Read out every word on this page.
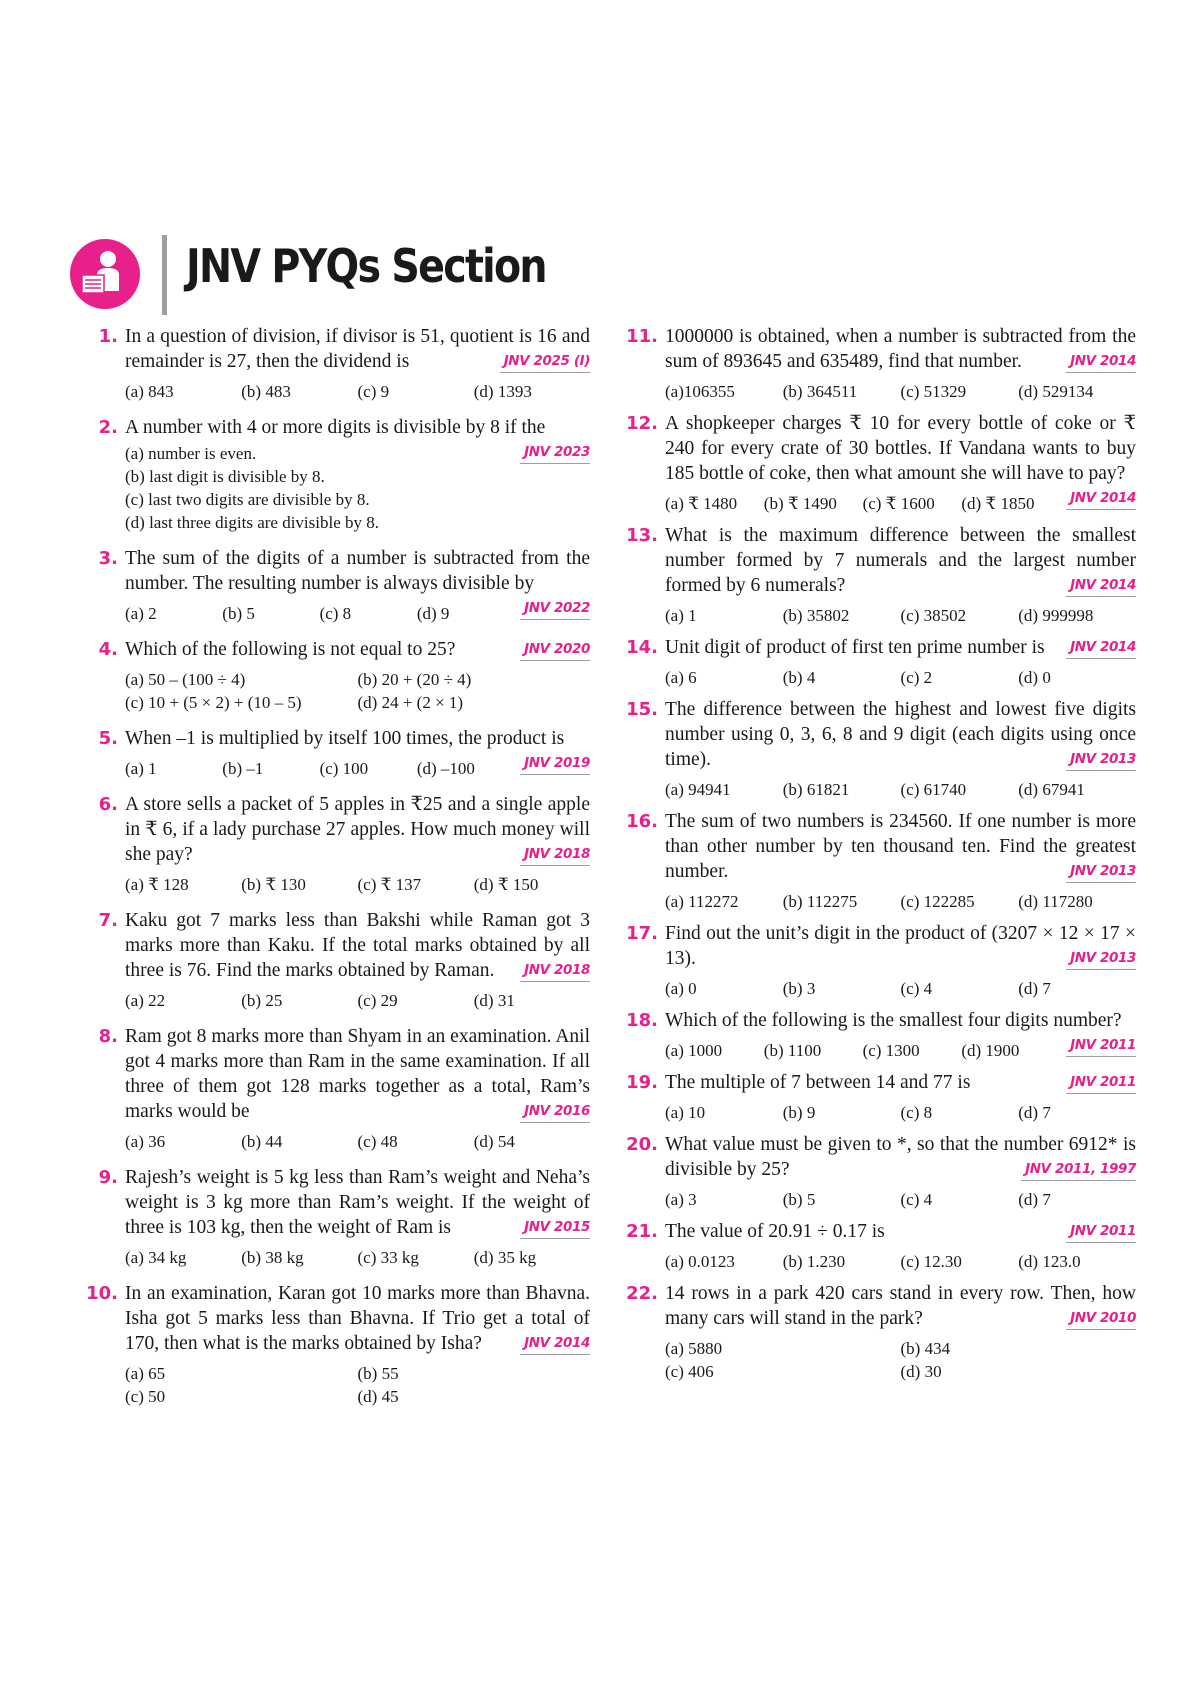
JNV PYQs Section
1. In a question of division, if divisor is 51, quotient is 16 and remainder is 27, then the dividend is	JNV 2025 (I)
(a) 843	(b) 483	(c) 9	(d) 1393
2. A number with 4 or more digits is divisible by 8 if the
JNV 2023
(a) number is even.
(b) last digit is divisible by 8.
(c) last two digits are divisible by 8.
(d) last three digits are divisible by 8.
3. The sum of the digits of a number is subtracted from the number. The resulting number is always divisible by
JNV 2022
(a) 2	(b) 5	(c) 8	(d) 9
4. Which of the following is not equal to 25?	JNV 2020
(a) 50 – (100 ÷ 4)	(b) 20 + (20 ÷ 4)
(c) 10 + (5 × 2) + (10 – 5)	(d) 24 + (2 × 1)
5. When –1 is multiplied by itself 100 times, the product is
JNV 2019
(a) 1	(b) –1	(c) 100	(d) –100
6. A store sells a packet of 5 apples in ₹25 and a single apple in ₹ 6, if a lady purchase 27 apples. How much money will she pay?	JNV 2018
(a) ₹ 128	(b) ₹ 130	(c) ₹ 137	(d) ₹ 150
7. Kaku got 7 marks less than Bakshi while Raman got 3 marks more than Kaku. If the total marks obtained by all three is 76. Find the marks obtained by Raman. JNV 2018
(a) 22	(b) 25	(c) 29	(d) 31
8. Ram got 8 marks more than Shyam in an examination. Anil got 4 marks more than Ram in the same examination. If all three of them got 128 marks together as a total, Ram’s marks would be	JNV 2016
(a) 36	(b) 44	(c) 48	(d) 54
9. Rajesh’s weight is 5 kg less than Ram’s weight and Neha’s weight is 3 kg more than Ram’s weight. If the weight of three is 103 kg, then the weight of Ram is	JNV 2015
(a) 34 kg	(b) 38 kg	(c) 33 kg	(d) 35 kg
10. In an examination, Karan got 10 marks more than Bhavna. Isha got 5 marks less than Bhavna. If Trio get a total of 170, then what is the marks obtained by Isha?	JNV 2014
(a) 65	(b) 55
(c) 50	(d) 45
11. 1000000 is obtained, when a number is subtracted from the sum of 893645 and 635489, find that number.	JNV 2014
(a)106355	(b) 364511	(c) 51329	(d) 529134
12. A shopkeeper charges ₹ 10 for every bottle of coke or ₹ 240 for every crate of 30 bottles. If Vandana wants to buy 185 bottle of coke, then what amount she will have to pay?
JNV 2014
(a) ₹ 1480	(b) ₹ 1490	(c) ₹ 1600	(d) ₹ 1850
13. What is the maximum difference between the smallest number formed by 7 numerals and the largest number formed by 6 numerals?	JNV 2014
(a) 1	(b) 35802	(c) 38502	(d) 999998
14. Unit digit of product of first ten prime number is JNV 2014
(a) 6	(b) 4	(c) 2	(d) 0
15. The difference between the highest and lowest five digits number using 0, 3, 6, 8 and 9 digit (each digits using once time).	JNV 2013
(a) 94941	(b) 61821	(c) 61740	(d) 67941
16. The sum of two numbers is 234560. If one number is more than other number by ten thousand ten. Find the greatest number.	JNV 2013
(a) 112272	(b) 112275	(c) 122285	(d) 117280
17. Find out the unit’s digit in the product of (3207 × 12 × 17 × 13).	JNV 2013
(a) 0	(b) 3	(c) 4	(d) 7
18. Which of the following is the smallest four digits number?
JNV 2011
(a) 1000	(b) 1100	(c) 1300	(d) 1900
19. The multiple of 7 between 14 and 77 is	JNV 2011
(a) 10	(b) 9	(c) 8	(d) 7
20. What value must be given to *, so that the number 6912* is divisible by 25?	JNV 2011, 1997
(a) 3	(b) 5	(c) 4	(d) 7
21. The value of 20.91 ÷ 0.17 is	JNV 2011
(a) 0.0123	(b) 1.230	(c) 12.30	(d) 123.0
22. 14 rows in a park 420 cars stand in every row. Then, how many cars will stand in the park?	JNV 2010
(a) 5880	(b) 434
(c) 406	(d) 30
